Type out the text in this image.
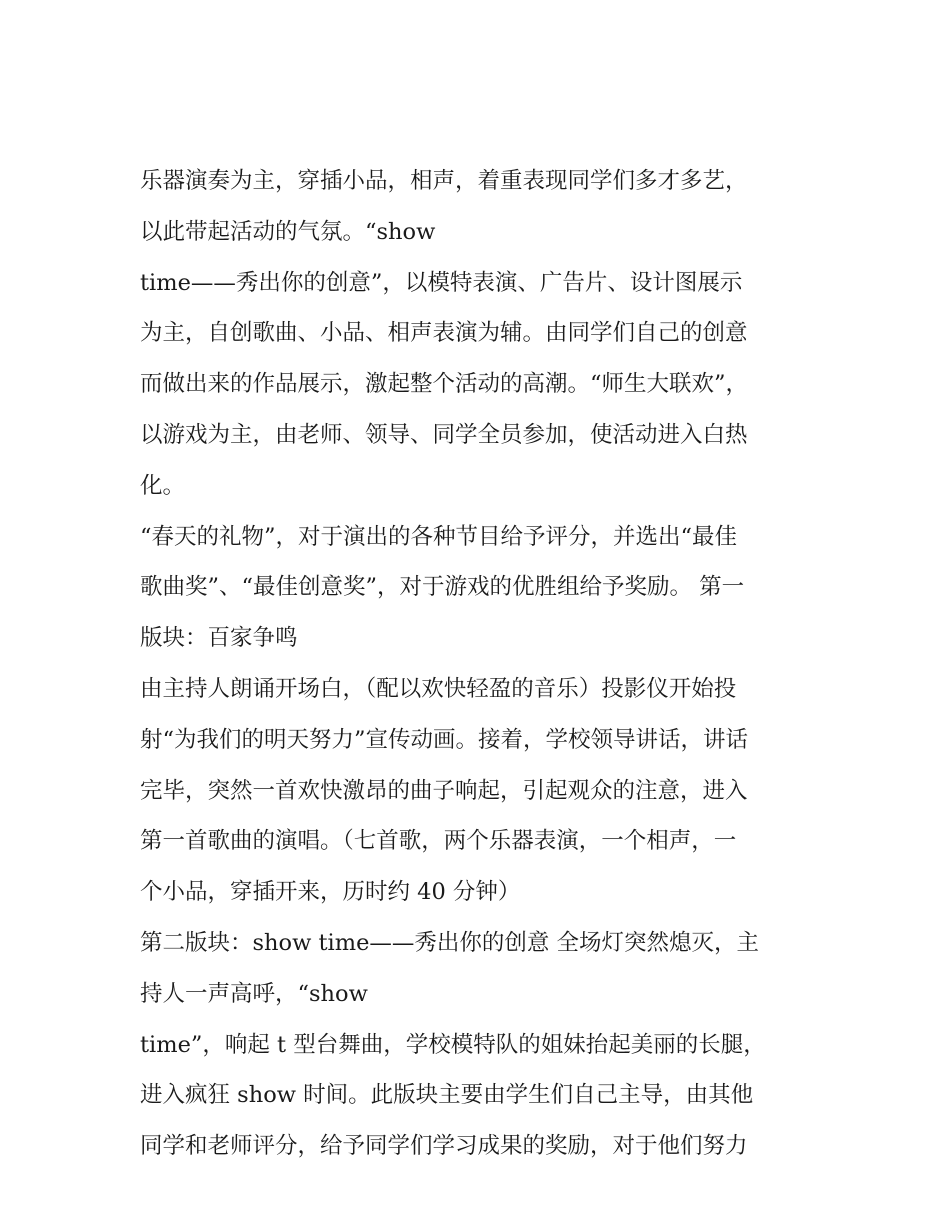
乐器演奏为主，穿插小品，相声，着重表现同学们多才多艺，
以此带起活动的气氛。“show
time——秀出你的创意”，以模特表演、广告片、设计图展示
为主，自创歌曲、小品、相声表演为辅。由同学们自己的创意
而做出来的作品展示，激起整个活动的高潮。“师生大联欢”，
以游戏为主，由老师、领导、同学全员参加，使活动进入白热
化。
“春天的礼物”，对于演出的各种节目给予评分，并选出“最佳
歌曲奖”、“最佳创意奖”，对于游戏的优胜组给予奖励。 第一
版块：百家争鸣
由主持人朗诵开场白，（配以欢快轻盈的音乐）投影仪开始投
射“为我们的明天努力”宣传动画。接着，学校领导讲话，讲话
完毕，突然一首欢快激昂的曲子响起，引起观众的注意，进入
第一首歌曲的演唱。（七首歌，两个乐器表演，一个相声，一
个小品，穿插开来，历时约 40 分钟）
第二版块：show time——秀出你的创意 全场灯突然熄灭，主
持人一声高呼，“show
time”，响起 t 型台舞曲，学校模特队的姐妹抬起美丽的长腿，
进入疯狂 show 时间。此版块主要由学生们自己主导，由其他
同学和老师评分，给予同学们学习成果的奖励，对于他们努力
